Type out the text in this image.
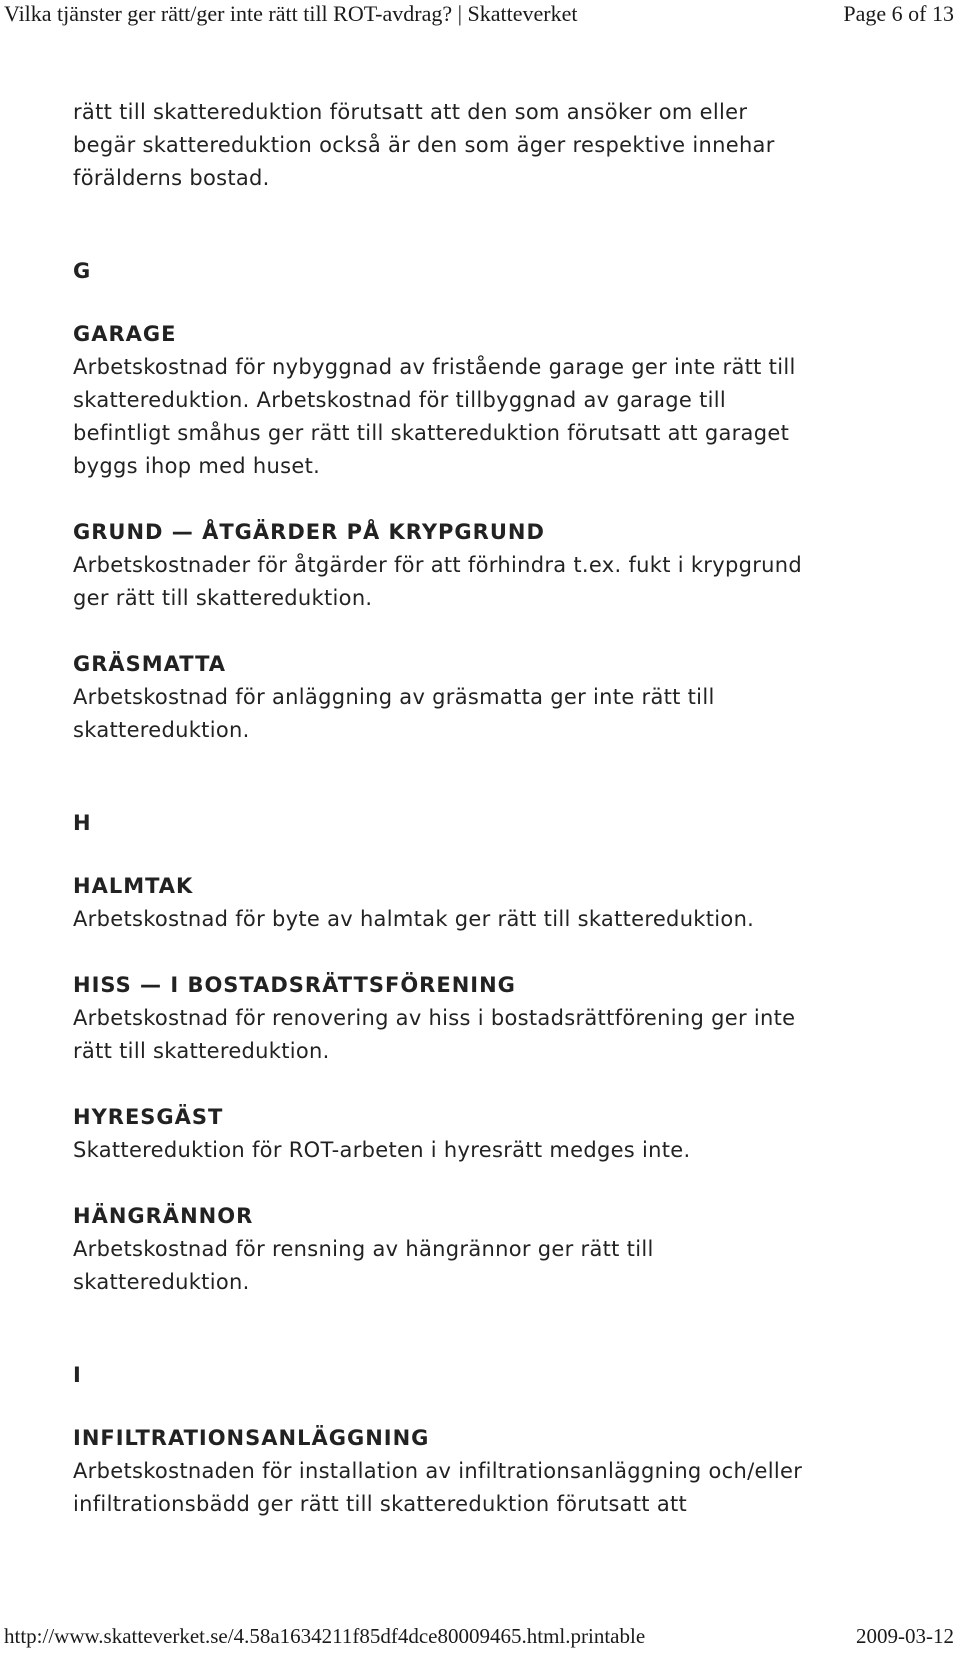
Vilka tjänster ger rätt/ger inte rätt till ROT-avdrag? | Skatteverket	Page 6 of 13

rätt till skattereduktion förutsatt att den som ansöker om eller

begär skattereduktion också är den som äger respektive innehar

förälderns bostad.

G

GARAGE

Arbetskostnad för nybyggnad av fristående garage ger inte rätt till

skattereduktion. Arbetskostnad för tillbyggnad av garage till

befintligt småhus ger rätt till skattereduktion förutsatt att garaget

byggs ihop med huset.

GRUND — ÅTGÄRDER PÅ KRYPGRUND

Arbetskostnader för åtgärder för att förhindra t.ex. fukt i krypgrund

ger rätt till skattereduktion.

GRÄSMATTA

Arbetskostnad för anläggning av gräsmatta ger inte rätt till

skattereduktion.

H

HALMTAK

Arbetskostnad för byte av halmtak ger rätt till skattereduktion.

HISS — I BOSTADSRÄTTSFÖRENING

Arbetskostnad för renovering av hiss i bostadsrättförening ger inte

rätt till skattereduktion.

HYRESGÄST

Skattereduktion för ROT-arbeten i hyresrätt medges inte.

HÄNGRÄNNOR

Arbetskostnad för rensning av hängrännor ger rätt till

skattereduktion.

I

INFILTRATIONSANLÄGGNING

Arbetskostnaden för installation av infiltrationsanläggning och/eller

infiltrationsbädd ger rätt till skattereduktion förutsatt att

http://www.skatteverket.se/4.58a1634211f85df4dce80009465.html.printable	2009-03-12
